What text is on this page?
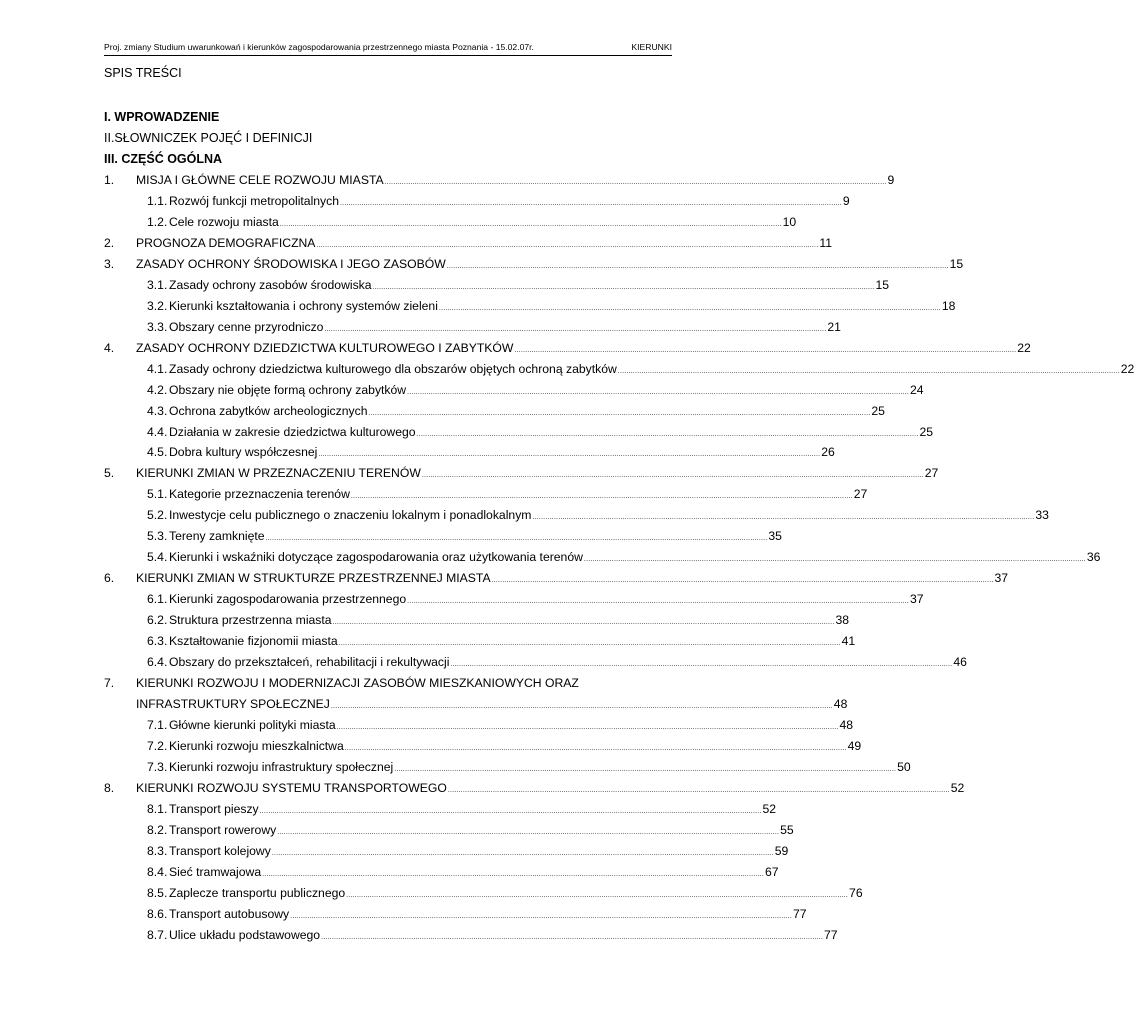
Proj. zmiany Studium uwarunkowań i kierunków zagospodarowania przestrzennego miasta Poznania - 15.02.07r.	KIERUNKI
SPIS TREŚCI
I. WPROWADZENIE
II.SŁOWNICZEK POJĘĆ I DEFINICJI
III. CZĘŚĆ OGÓLNA
1. MISJA I GŁÓWNE CELE ROZWOJU MIASTA .......................................................................................................................................................................................................................................... 9
1.1. Rozwój funkcji metropolitalnych .......................................................................................................................................................................................................................................... 9
1.2. Cele rozwoju miasta .......................................................................................................................................................................................................................................... 10
2. PROGNOZA DEMOGRAFICZNA .......................................................................................................................................................................................................................................... 11
3. ZASADY OCHRONY ŚRODOWISKA I JEGO ZASOBÓW .......................................................................................................................................................................................................................................... 15
3.1. Zasady ochrony zasobów środowiska .......................................................................................................................................................................................................................................... 15
3.2. Kierunki kształtowania i ochrony systemów zieleni .......................................................................................................................................................................................................................................... 18
3.3. Obszary cenne przyrodniczo .......................................................................................................................................................................................................................................... 21
4. ZASADY OCHRONY DZIEDZICTWA KULTUROWEGO I ZABYTKÓW .......................................................................................................................................................................................................................................... 22
4.1. Zasady ochrony dziedzictwa kulturowego dla obszarów objętych ochroną zabytków .......................................................................................................................................................................................................................................... 22
4.2. Obszary nie objęte formą ochrony zabytków .......................................................................................................................................................................................................................................... 24
4.3. Ochrona zabytków archeologicznych .......................................................................................................................................................................................................................................... 25
4.4. Działania w zakresie dziedzictwa kulturowego .......................................................................................................................................................................................................................................... 25
4.5. Dobra kultury współczesnej .......................................................................................................................................................................................................................................... 26
5. KIERUNKI ZMIAN W PRZEZNACZENIU TERENÓW .......................................................................................................................................................................................................................................... 27
5.1. Kategorie przeznaczenia terenów .......................................................................................................................................................................................................................................... 27
5.2. Inwestycje celu publicznego o znaczeniu lokalnym i ponadlokalnym .......................................................................................................................................................................................................................................... 33
5.3. Tereny zamknięte .......................................................................................................................................................................................................................................... 35
5.4. Kierunki i wskaźniki dotyczące zagospodarowania oraz użytkowania terenów .......................................................................................................................................................................................................................................... 36
6. KIERUNKI ZMIAN W STRUKTURZE PRZESTRZENNEJ MIASTA .......................................................................................................................................................................................................................................... 37
6.1. Kierunki zagospodarowania przestrzennego .......................................................................................................................................................................................................................................... 37
6.2. Struktura przestrzenna miasta .......................................................................................................................................................................................................................................... 38
6.3. Kształtowanie fizjonomii miasta .......................................................................................................................................................................................................................................... 41
6.4. Obszary do przekształceń, rehabilitacji i rekultywacji .......................................................................................................................................................................................................................................... 46
7. KIERUNKI ROZWOJU I MODERNIZACJI ZASOBÓW MIESZKANIOWYCH ORAZ
INFRASTRUKTURY SPOŁECZNEJ .......................................................................................................................................................................................................................................... 48
7.1. Główne kierunki polityki miasta .......................................................................................................................................................................................................................................... 48
7.2. Kierunki rozwoju mieszkalnictwa .......................................................................................................................................................................................................................................... 49
7.3. Kierunki rozwoju infrastruktury społecznej .......................................................................................................................................................................................................................................... 50
8. KIERUNKI ROZWOJU SYSTEMU TRANSPORTOWEGO .......................................................................................................................................................................................................................................... 52
8.1. Transport pieszy .......................................................................................................................................................................................................................................... 52
8.2. Transport rowerowy .......................................................................................................................................................................................................................................... 55
8.3. Transport kolejowy .......................................................................................................................................................................................................................................... 59
8.4. Sieć tramwajowa .......................................................................................................................................................................................................................................... 67
8.5. Zaplecze transportu publicznego .......................................................................................................................................................................................................................................... 76
8.6. Transport autobusowy .......................................................................................................................................................................................................................................... 77
8.7. Ulice układu podstawowego .......................................................................................................................................................................................................................................... 77
